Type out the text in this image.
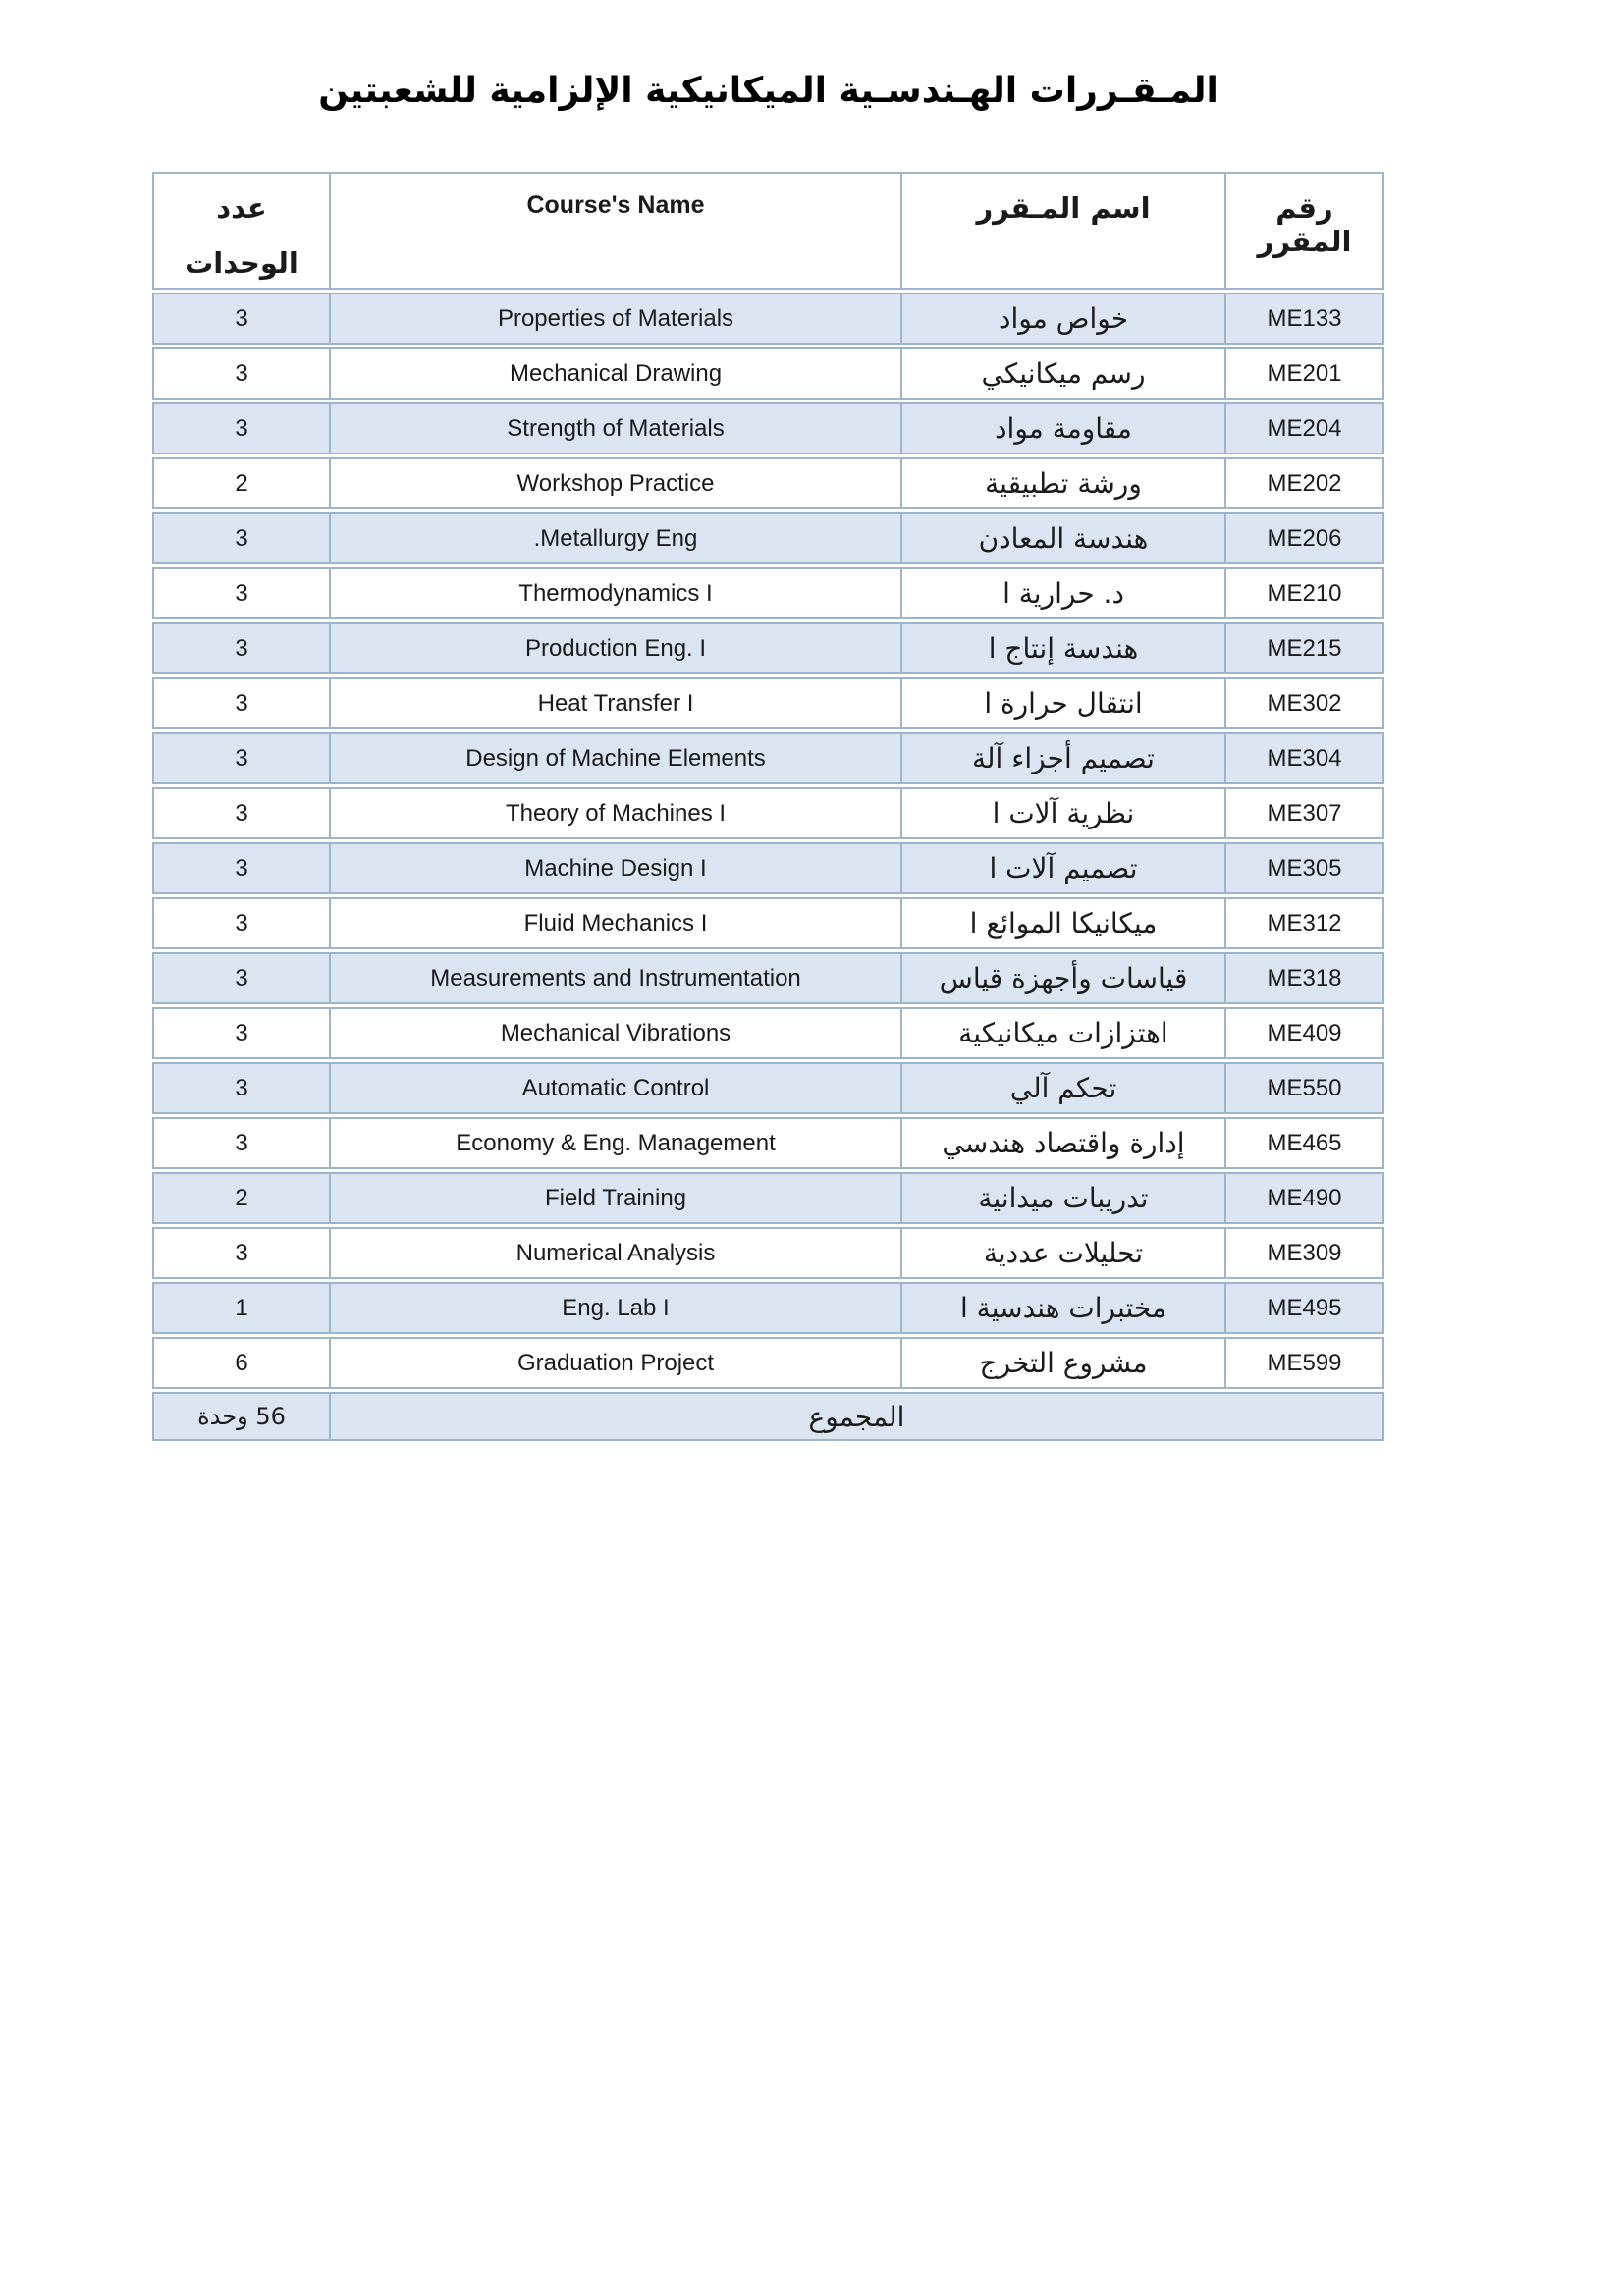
المـقـررات الهـندسـية الميكانيكية الإلزامية للشعبتين
رقم المقرر	اسم المـقرر	Course's Name	عدد
الوحدات

ME133	خواص مواد	Properties of Materials	3
ME201	رسم ميكانيكي	Mechanical Drawing	3
ME204	مقاومة مواد	Strength of Materials	3
ME202	ورشة تطبيقية	Workshop Practice	2
ME206	هندسة المعادن	Metallurgy Eng.	3
ME210	د. حرارية ا	Thermodynamics I	3
ME215	هندسة إنتاج ا	Production Eng. I	3
ME302	انتقال حرارة ا	Heat Transfer I	3
ME304	تصميم أجزاء آلة	Design of Machine Elements	3
ME307	نظرية آلات ا	Theory of Machines I	3
ME305	تصميم آلات ا	Machine Design I	3
ME312	ميكانيكا الموائع ا	Fluid Mechanics I	3
ME318	قياسات وأجهزة قياس	Measurements and Instrumentation	3
ME409	اهتزازات ميكانيكية	Mechanical Vibrations	3
ME550	تحكم آلي	Automatic Control	3
ME465	إدارة واقتصاد هندسي	Economy & Eng. Management	3
ME490	تدريبات ميدانية	Field Training	2
ME309	تحليلات عددية	Numerical Analysis	3
ME495	مختبرات هندسية ا	Eng. Lab I	1
ME599	مشروع التخرج	Graduation Project	6
المجموع			56 وحدة
